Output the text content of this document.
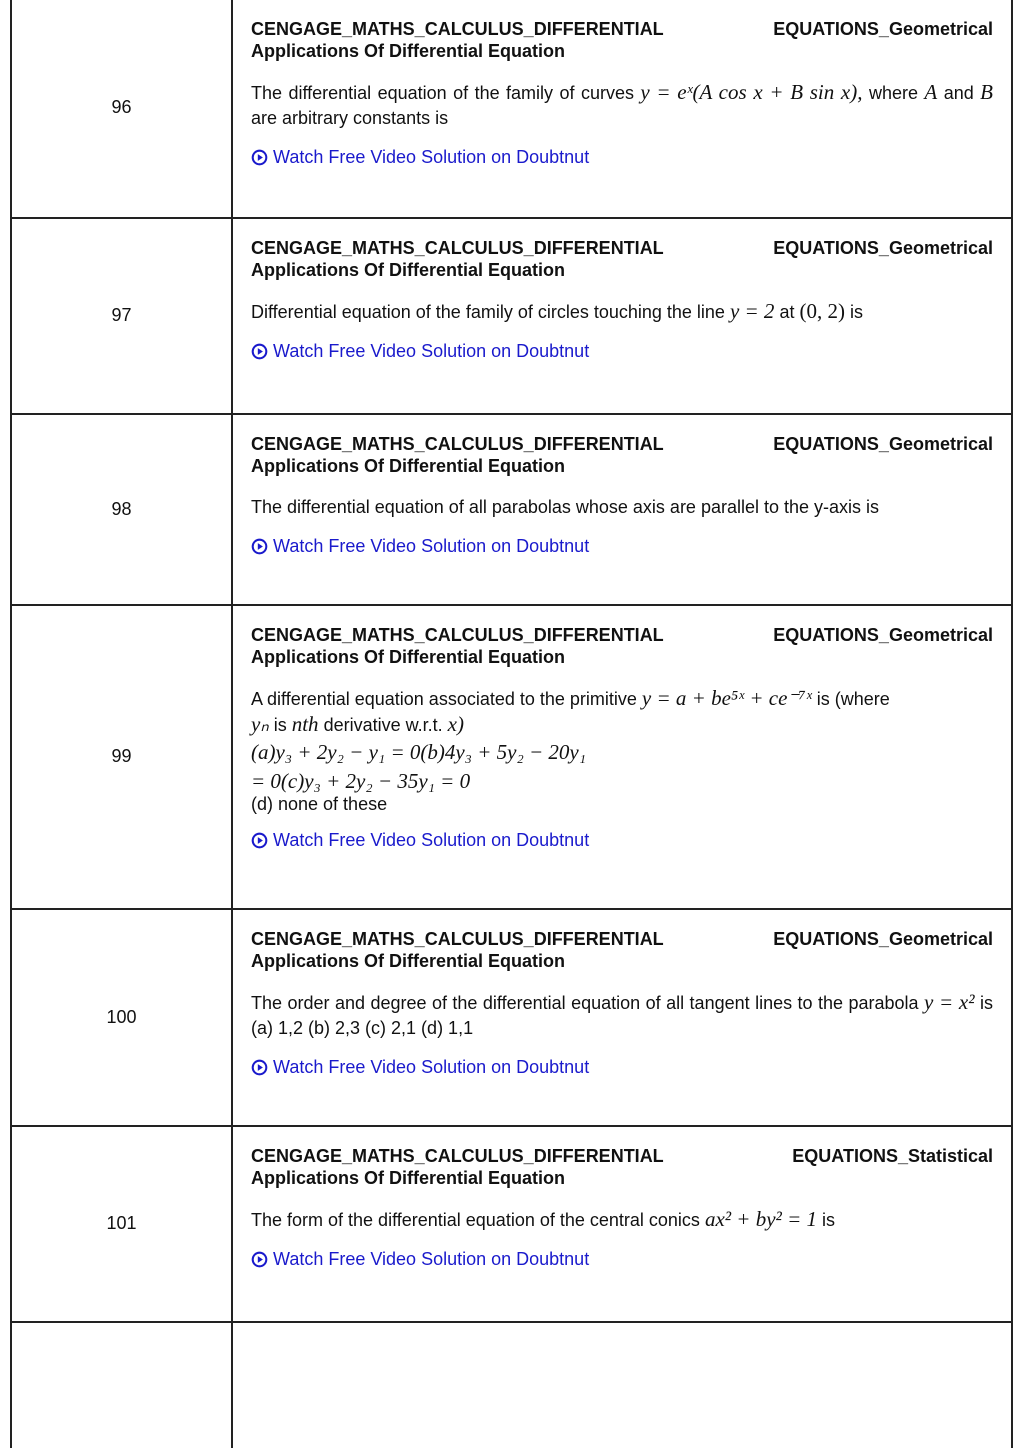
96
CENGAGE_MATHS_CALCULUS_DIFFERENTIAL	EQUATIONS_Geometrical
Applications Of Differential Equation
The differential equation of the family of curves y = eˣ(A cos x + B sin x), where A and B are arbitrary constants is
Watch Free Video Solution on Doubtnut
97
CENGAGE_MATHS_CALCULUS_DIFFERENTIAL	EQUATIONS_Geometrical
Applications Of Differential Equation
Differential equation of the family of circles touching the line y = 2 at (0, 2) is
Watch Free Video Solution on Doubtnut
98
CENGAGE_MATHS_CALCULUS_DIFFERENTIAL	EQUATIONS_Geometrical
Applications Of Differential Equation
The differential equation of all parabolas whose axis are parallel to the y-axis is
Watch Free Video Solution on Doubtnut
99
CENGAGE_MATHS_CALCULUS_DIFFERENTIAL	EQUATIONS_Geometrical
Applications Of Differential Equation
A differential equation associated to the primitive y = a + be⁵ˣ + ce⁻⁷ˣ is (where
yₙ is nth derivative w.r.t. x)
(a)y₃ + 2y₂ − y₁ = 0(b)4y₃ + 5y₂ − 20y₁
= 0(c)y₃ + 2y₂ − 35y₁ = 0
(d) none of these
Watch Free Video Solution on Doubtnut
100
CENGAGE_MATHS_CALCULUS_DIFFERENTIAL	EQUATIONS_Geometrical
Applications Of Differential Equation
The order and degree of the differential equation of all tangent lines to the parabola y = x² is (a) 1,2 (b) 2,3 (c) 2,1 (d) 1,1
Watch Free Video Solution on Doubtnut
101
CENGAGE_MATHS_CALCULUS_DIFFERENTIAL	EQUATIONS_Statistical
Applications Of Differential Equation
The form of the differential equation of the central conics ax² + by² = 1 is
Watch Free Video Solution on Doubtnut
